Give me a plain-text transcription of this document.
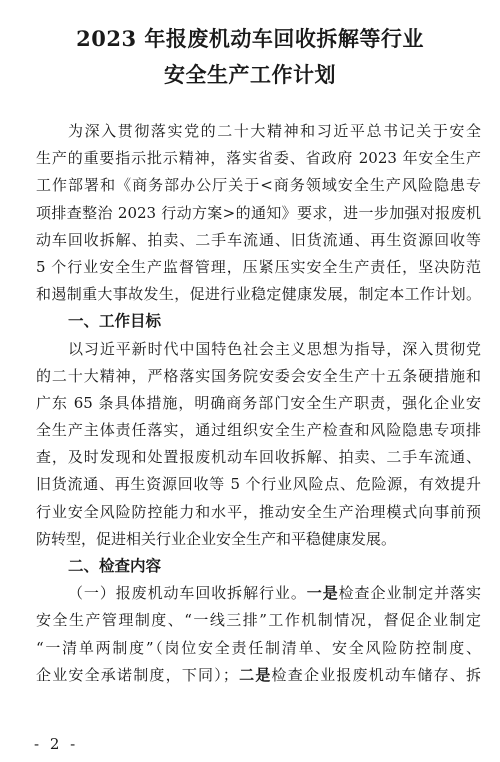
2023 年报废机动车回收拆解等行业
安全生产工作计划
为深入贯彻落实党的二十大精神和习近平总书记关于安全
生产的重要指示批示精神，落实省委、省政府 2023 年安全生产
工作部署和《商务部办公厅关于<商务领域安全生产风险隐患专
项排查整治 2023 行动方案>的通知》要求，进一步加强对报废机
动车回收拆解、拍卖、二手车流通、旧货流通、再生资源回收等
5 个行业安全生产监督管理，压紧压实安全生产责任，坚决防范
和遏制重大事故发生，促进行业稳定健康发展，制定本工作计划。
一、工作目标
以习近平新时代中国特色社会主义思想为指导，深入贯彻党
的二十大精神，严格落实国务院安委会安全生产十五条硬措施和
广东 65 条具体措施，明确商务部门安全生产职责，强化企业安
全生产主体责任落实，通过组织安全生产检查和风险隐患专项排
查，及时发现和处置报废机动车回收拆解、拍卖、二手车流通、
旧货流通、再生资源回收等 5 个行业风险点、危险源，有效提升
行业安全风险防控能力和水平，推动安全生产治理模式向事前预
防转型，促进相关行业企业安全生产和平稳健康发展。
二、检查内容
（一）报废机动车回收拆解行业。一是检查企业制定并落实
安全生产管理制度、“一线三排”工作机制情况，督促企业制定
“一清单两制度”（岗位安全责任制清单、安全风险防控制度、
企业安全承诺制度，下同）；二是检查企业报废机动车储存、拆
- 2 -
